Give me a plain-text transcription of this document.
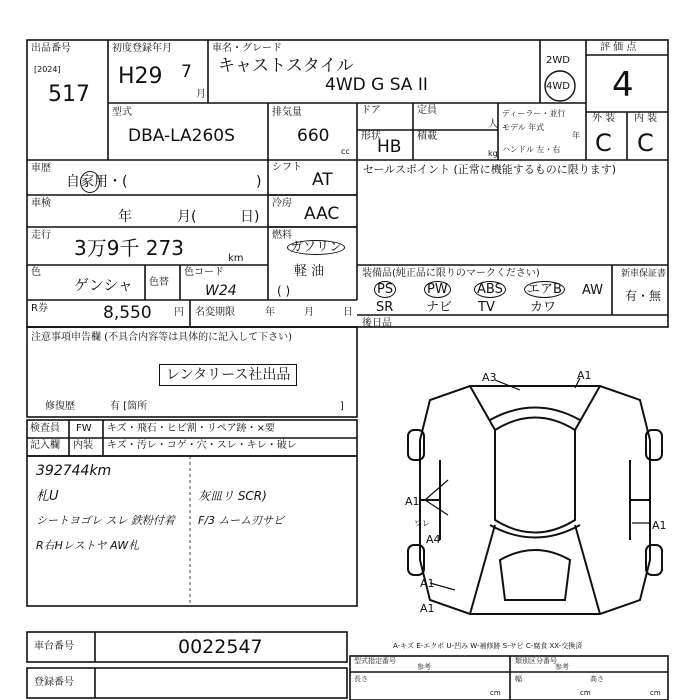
出品番号
[2024]
517
初度登録年月
H29 7
月
車名・グレード
キャストスタイル
4WD G SA II
2WD
4WD
評 価 点
4
型式
DBA-LA260S
排気量
660
cc
ドア	定員
人
形状
HB
積載
kg
ディーラー・並行
モデル 年式
年
ハンドル 左・右
外 装 内 装
C C
車歴
自家用・(	)
車検
年	月(	日)
走行
3万9千 273	km
色
ゲンシャ 色替
色コード
W24
シフト
AT
冷房
AAC
燃料
ガソリン
軽 油
( )
セールスポイント (正常に機能するものに限ります)
装備品(純正品に限りのマークください)
PS	PW ABS エアB AW
SR	ナビ TV	カワ
新車保証書
有・無
R券	8,550 円 名変期限	年	月	日
後日品
注意事項申告欄 (不具合内容等は具体的に記入して下さい)
レンタリース社出品
修復歴	有 [箇所	]
検査員
記入欄
FW キズ・飛石・ヒビ割・リペア跡・×要
内装 キズ・汚レ・コゲ・穴・スレ・キレ・破レ
392744km
札U
シートヨゴレ スレ 鉄粉付着
R右Hレストヤ AW札
灰皿リ SCR)
F/3 ムーム刃サビ
A3	A1
A1
A1
A1
A4
A1
ワレ
車台番号	0022547
登録番号
A-キズ E-エクボ U-凹み W-補修跡 S-サビ C-腐食 XX-交換済
型式指定番号
参考
類別区分番号
参考
長さ
cm
幅
cm
高さ
cm
